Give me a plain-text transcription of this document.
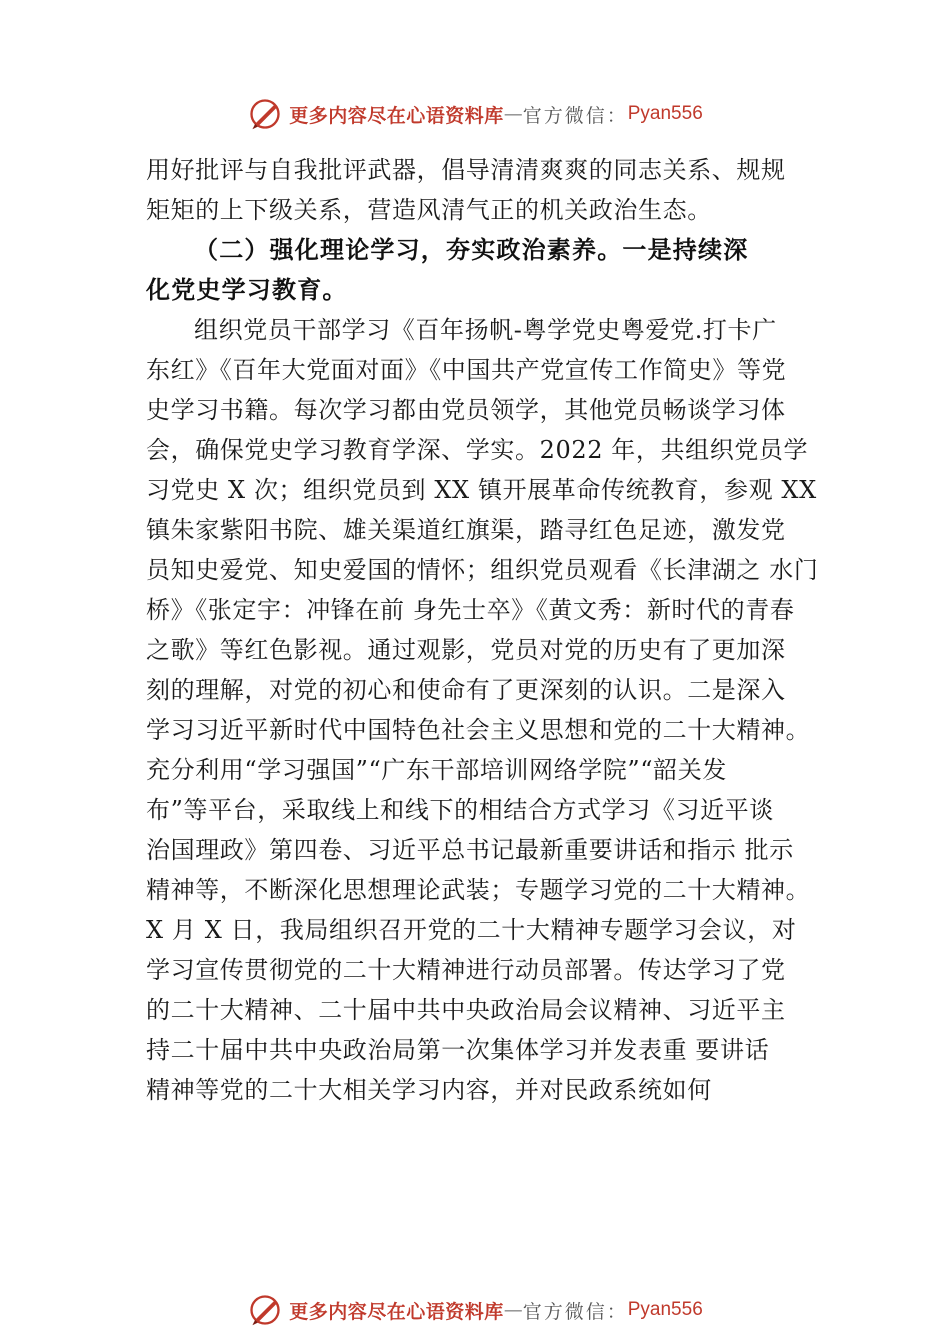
更多内容尽在心语资料库 — 官方微信： Pyan556
用好批评与自我批评武器，倡导清清爽爽的同志关系、规规
矩矩的上下级关系，营造风清气正的机关政治生态。
（二）强化理论学习，夯实政治素养。一是持续深
化党史学习教育。
组织党员干部学习《百年扬帆-粤学党史粤爱党.打卡广
东红》《百年大党面对面》《中国共产党宣传工作简史》等党
史学习书籍。每次学习都由党员领学，其他党员畅谈学习体
会，确保党史学习教育学深、学实。2022 年，共组织党员学
习党史 X 次；组织党员到 XX 镇开展革命传统教育，参观 XX
镇朱家紫阳书院、雄关渠道红旗渠，踏寻红色足迹，激发党
员知史爱党、知史爱国的情怀；组织党员观看《长津湖之 水门
桥》《张定宇：冲锋在前 身先士卒》《黄文秀：新时代的青春
之歌》等红色影视。通过观影，党员对党的历史有了更加深
刻的理解，对党的初心和使命有了更深刻的认识。二是深入
学习习近平新时代中国特色社会主义思想和党的二十大精神。
充分利用“学习强国”“广东干部培训网络学院”“韶关发
布”等平台，采取线上和线下的相结合方式学习《习近平谈
治国理政》第四卷、习近平总书记最新重要讲话和指示 批示
精神等，不断深化思想理论武装；专题学习党的二十大精神。
X 月 X 日，我局组织召开党的二十大精神专题学习会议，对
学习宣传贯彻党的二十大精神进行动员部署。传达学习了党
的二十大精神、二十届中共中央政治局会议精神、习近平主
持二十届中共中央政治局第一次集体学习并发表重 要讲话
精神等党的二十大相关学习内容，并对民政系统如何
更多内容尽在心语资料库 — 官方微信： Pyan556
